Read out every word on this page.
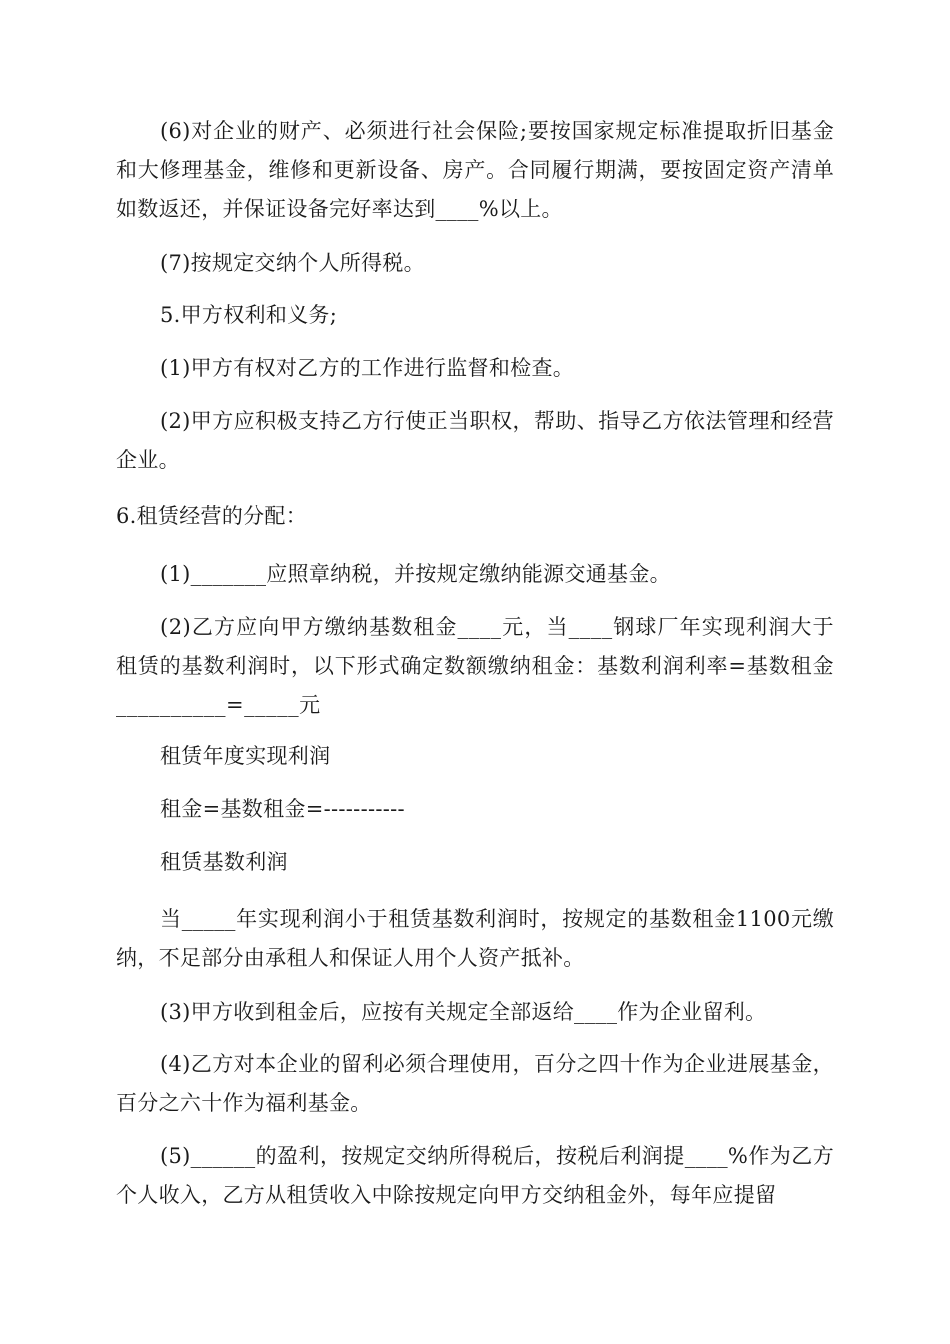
(6)对企业的财产、必须进行社会保险;要按国家规定标准提取折旧基金和大修理基金，维修和更新设备、房产。合同履行期满，要按固定资产清单如数返还，并保证设备完好率达到____%以上。

(7)按规定交纳个人所得税。

5.甲方权利和义务;

(1)甲方有权对乙方的工作进行监督和检查。

(2)甲方应积极支持乙方行使正当职权，帮助、指导乙方依法管理和经营企业。

6.租赁经营的分配：

(1)_______应照章纳税，并按规定缴纳能源交通基金。

(2)乙方应向甲方缴纳基数租金____元，当____钢球厂年实现利润大于租赁的基数利润时，以下形式确定数额缴纳租金：基数利润利率=基数租金__________=_____元

租赁年度实现利润

租金=基数租金=-----------

租赁基数利润

当_____年实现利润小于租赁基数利润时，按规定的基数租金1100元缴纳，不足部分由承租人和保证人用个人资产抵补。

(3)甲方收到租金后，应按有关规定全部返给____作为企业留利。

(4)乙方对本企业的留利必须合理使用，百分之四十作为企业进展基金，百分之六十作为福利基金。

(5)______的盈利，按规定交纳所得税后，按税后利润提____%作为乙方个人收入，乙方从租赁收入中除按规定向甲方交纳租金外，每年应提留
